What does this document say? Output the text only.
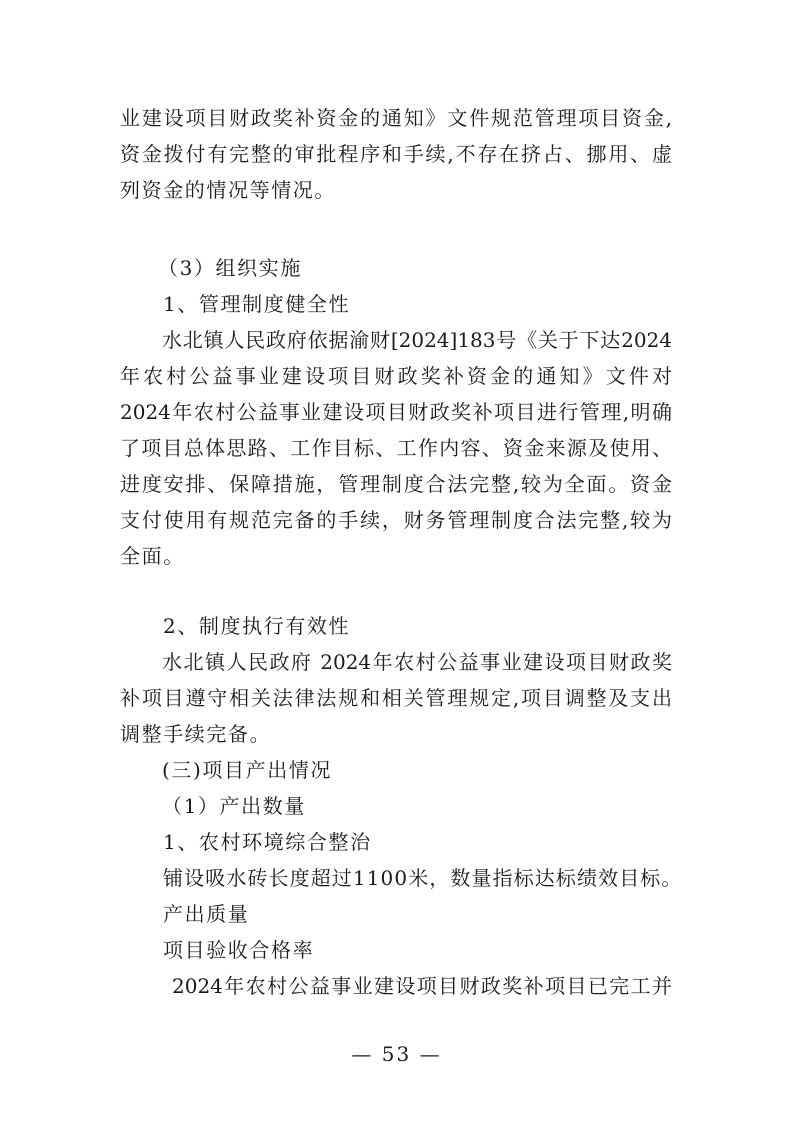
业建设项目财政奖补资金的通知》文件规范管理项目资金,
资金拨付有完整的审批程序和手续,不存在挤占、挪用、虚
列资金的情况等情况。
（3）组织实施
1、管理制度健全性
水北镇人民政府依据渝财[2024]183号《关于下达2024
年农村公益事业建设项目财政奖补资金的通知》文件对
2024年农村公益事业建设项目财政奖补项目进行管理,明确
了项目总体思路、工作目标、工作内容、资金来源及使用、
进度安排、保障措施，管理制度合法完整,较为全面。资金
支付使用有规范完备的手续，财务管理制度合法完整,较为
全面。
2、制度执行有效性
水北镇人民政府 2024年农村公益事业建设项目财政奖
补项目遵守相关法律法规和相关管理规定,项目调整及支出
调整手续完备。
(三)项目产出情况
（1）产出数量
1、农村环境综合整治
铺设吸水砖长度超过1100米，数量指标达标绩效目标。
产出质量
项目验收合格率
2024年农村公益事业建设项目财政奖补项目已完工并
— 53 —
